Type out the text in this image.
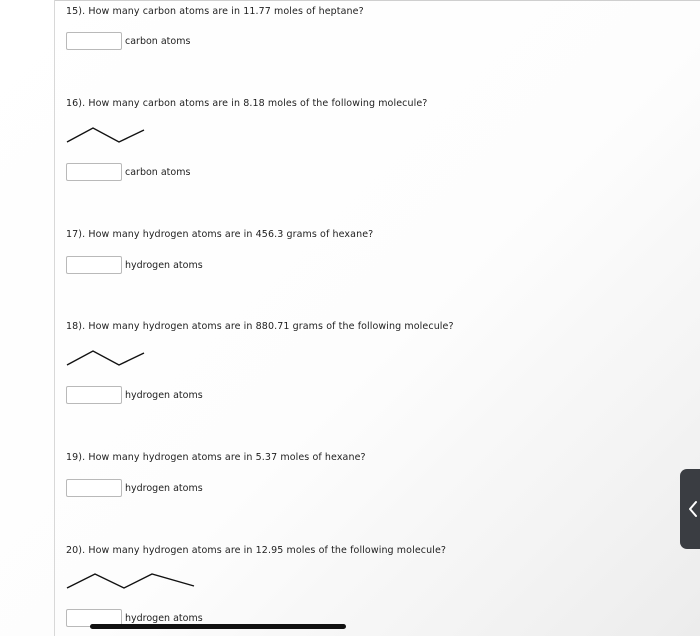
15). How many carbon atoms are in 11.77 moles of heptane?
carbon atoms
16). How many carbon atoms are in 8.18 moles of the following molecule?
carbon atoms
17). How many hydrogen atoms are in 456.3 grams of hexane?
hydrogen atoms
18). How many hydrogen atoms are in 880.71 grams of the following molecule?
hydrogen atoms
19). How many hydrogen atoms are in 5.37 moles of hexane?
hydrogen atoms
20). How many hydrogen atoms are in 12.95 moles of the following molecule?
hydrogen atoms
